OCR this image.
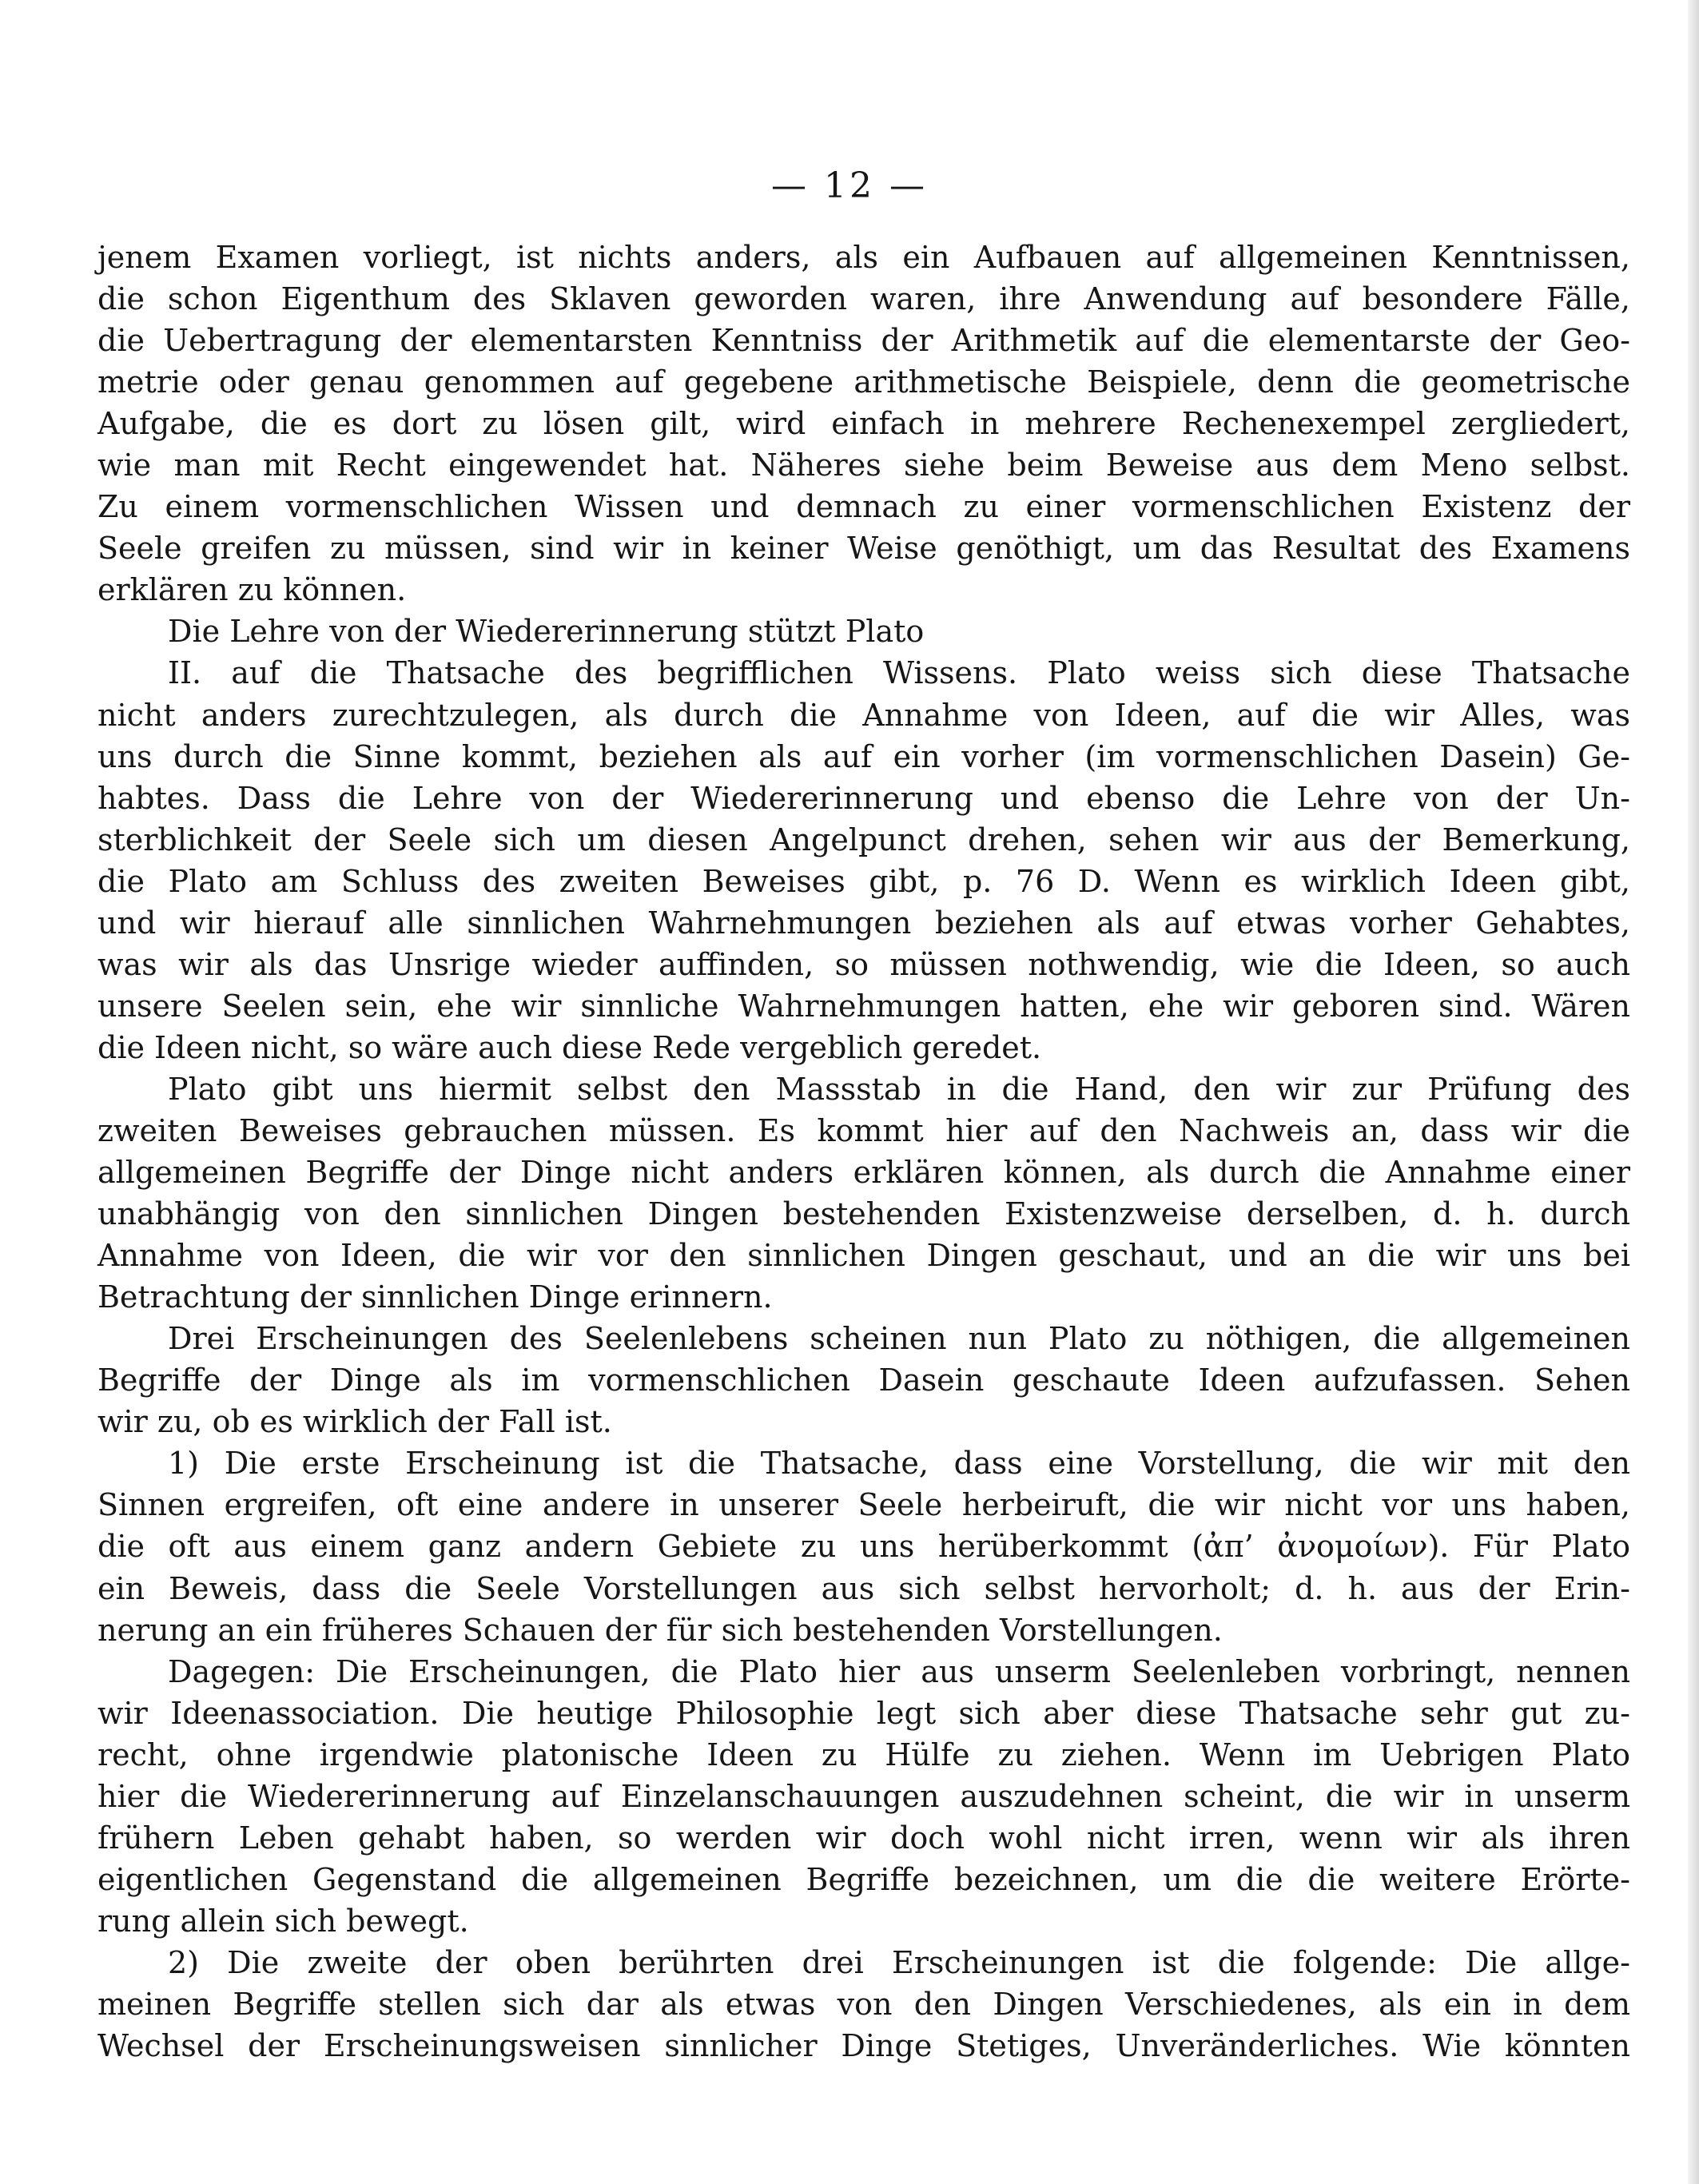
— 12 —
jenem Examen vorliegt, ist nichts anders, als ein Aufbauen auf allgemeinen Kenntnissen,
die schon Eigenthum des Sklaven geworden waren, ihre Anwendung auf besondere Fälle,
die Uebertragung der elementarsten Kenntniss der Arithmetik auf die elementarste der Geo-
metrie oder genau genommen auf gegebene arithmetische Beispiele, denn die geometrische
Aufgabe, die es dort zu lösen gilt, wird einfach in mehrere Rechenexempel zergliedert,
wie man mit Recht eingewendet hat. Näheres siehe beim Beweise aus dem Meno selbst.
Zu einem vormenschlichen Wissen und demnach zu einer vormenschlichen Existenz der
Seele greifen zu müssen, sind wir in keiner Weise genöthigt, um das Resultat des Examens
erklären zu können.
Die Lehre von der Wiedererinnerung stützt Plato
II. auf die Thatsache des begrifflichen Wissens. Plato weiss sich diese Thatsache
nicht anders zurechtzulegen, als durch die Annahme von Ideen, auf die wir Alles, was
uns durch die Sinne kommt, beziehen als auf ein vorher (im vormenschlichen Dasein) Ge-
habtes. Dass die Lehre von der Wiedererinnerung und ebenso die Lehre von der Un-
sterblichkeit der Seele sich um diesen Angelpunct drehen, sehen wir aus der Bemerkung,
die Plato am Schluss des zweiten Beweises gibt, p. 76 D. Wenn es wirklich Ideen gibt,
und wir hierauf alle sinnlichen Wahrnehmungen beziehen als auf etwas vorher Gehabtes,
was wir als das Unsrige wieder auffinden, so müssen nothwendig, wie die Ideen, so auch
unsere Seelen sein, ehe wir sinnliche Wahrnehmungen hatten, ehe wir geboren sind. Wären
die Ideen nicht, so wäre auch diese Rede vergeblich geredet.
Plato gibt uns hiermit selbst den Massstab in die Hand, den wir zur Prüfung des
zweiten Beweises gebrauchen müssen. Es kommt hier auf den Nachweis an, dass wir die
allgemeinen Begriffe der Dinge nicht anders erklären können, als durch die Annahme einer
unabhängig von den sinnlichen Dingen bestehenden Existenzweise derselben, d. h. durch
Annahme von Ideen, die wir vor den sinnlichen Dingen geschaut, und an die wir uns bei
Betrachtung der sinnlichen Dinge erinnern.
Drei Erscheinungen des Seelenlebens scheinen nun Plato zu nöthigen, die allgemeinen
Begriffe der Dinge als im vormenschlichen Dasein geschaute Ideen aufzufassen. Sehen
wir zu, ob es wirklich der Fall ist.
1) Die erste Erscheinung ist die Thatsache, dass eine Vorstellung, die wir mit den
Sinnen ergreifen, oft eine andere in unserer Seele herbeiruft, die wir nicht vor uns haben,
die oft aus einem ganz andern Gebiete zu uns herüberkommt (ἀπ’ ἀνομοίων). Für Plato
ein Beweis, dass die Seele Vorstellungen aus sich selbst hervorholt; d. h. aus der Erin-
nerung an ein früheres Schauen der für sich bestehenden Vorstellungen.
Dagegen: Die Erscheinungen, die Plato hier aus unserm Seelenleben vorbringt, nennen
wir Ideenassociation. Die heutige Philosophie legt sich aber diese Thatsache sehr gut zu-
recht, ohne irgendwie platonische Ideen zu Hülfe zu ziehen. Wenn im Uebrigen Plato
hier die Wiedererinnerung auf Einzelanschauungen auszudehnen scheint, die wir in unserm
frühern Leben gehabt haben, so werden wir doch wohl nicht irren, wenn wir als ihren
eigentlichen Gegenstand die allgemeinen Begriffe bezeichnen, um die die weitere Erörte-
rung allein sich bewegt.
2) Die zweite der oben berührten drei Erscheinungen ist die folgende: Die allge-
meinen Begriffe stellen sich dar als etwas von den Dingen Verschiedenes, als ein in dem
Wechsel der Erscheinungsweisen sinnlicher Dinge Stetiges, Unveränderliches. Wie könnten
